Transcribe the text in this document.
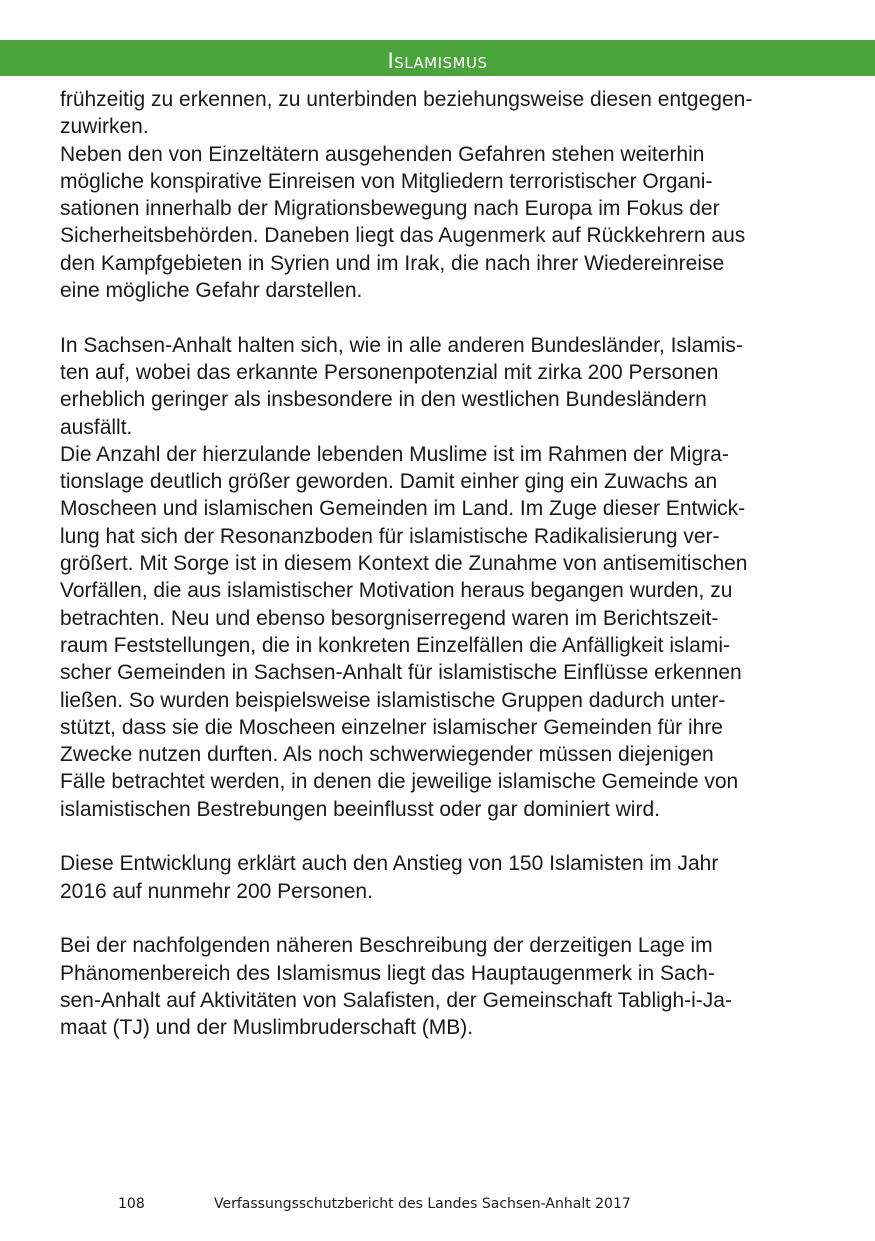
Islamismus
frühzeitig zu erkennen, zu unterbinden beziehungsweise diesen entgegen-
zuwirken.
Neben den von Einzeltätern ausgehenden Gefahren stehen weiterhin
mögliche konspirative Einreisen von Mitgliedern terroristischer Organi-
sationen innerhalb der Migrationsbewegung nach Europa im Fokus der
Sicherheitsbehörden. Daneben liegt das Augenmerk auf Rückkehrern aus
den Kampfgebieten in Syrien und im Irak, die nach ihrer Wiedereinreise
eine mögliche Gefahr darstellen.
In Sachsen-Anhalt halten sich, wie in alle anderen Bundesländer, Islamis-
ten auf, wobei das erkannte Personenpotenzial mit zirka 200 Personen
erheblich geringer als insbesondere in den westlichen Bundesländern
ausfällt.
Die Anzahl der hierzulande lebenden Muslime ist im Rahmen der Migra-
tionslage deutlich größer geworden. Damit einher ging ein Zuwachs an
Moscheen und islamischen Gemeinden im Land. Im Zuge dieser Entwick-
lung hat sich der Resonanzboden für islamistische Radikalisierung ver-
größert. Mit Sorge ist in diesem Kontext die Zunahme von antisemitischen
Vorfällen, die aus islamistischer Motivation heraus begangen wurden, zu
betrachten. Neu und ebenso besorgniserregend waren im Berichtszeit-
raum Feststellungen, die in konkreten Einzelfällen die Anfälligkeit islami-
scher Gemeinden in Sachsen-Anhalt für islamistische Einflüsse erkennen
ließen. So wurden beispielsweise islamistische Gruppen dadurch unter-
stützt, dass sie die Moscheen einzelner islamischer Gemeinden für ihre
Zwecke nutzen durften. Als noch schwerwiegender müssen diejenigen
Fälle betrachtet werden, in denen die jeweilige islamische Gemeinde von
islamistischen Bestrebungen beeinflusst oder gar dominiert wird.
Diese Entwicklung erklärt auch den Anstieg von 150 Islamisten im Jahr
2016 auf nunmehr 200 Personen.
Bei der nachfolgenden näheren Beschreibung der derzeitigen Lage im
Phänomenbereich des Islamismus liegt das Hauptaugenmerk in Sach-
sen-Anhalt auf Aktivitäten von Salafisten, der Gemeinschaft Tabligh-i-Ja-
maat (TJ) und der Muslimbruderschaft (MB).
108	Verfassungsschutzbericht des Landes Sachsen-Anhalt 2017
